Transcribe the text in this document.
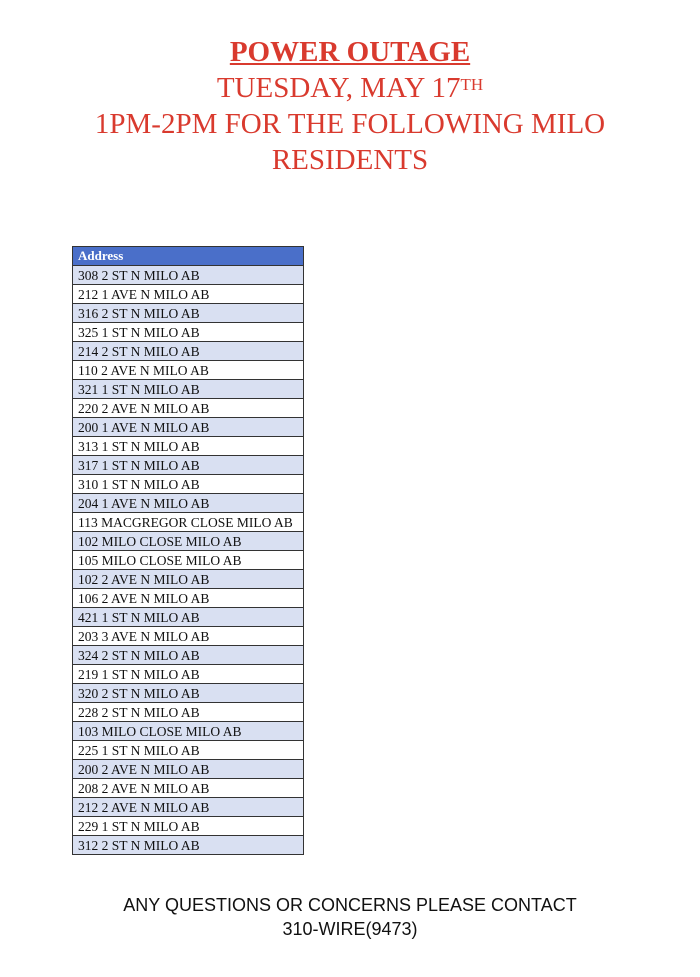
POWER OUTAGE
TUESDAY, MAY 17TH
1PM-2PM FOR THE FOLLOWING MILO
RESIDENTS
Address
308 2 ST N MILO AB
212 1 AVE N MILO AB
316 2 ST N MILO AB
325 1 ST N MILO AB
214 2 ST N MILO AB
110 2 AVE N MILO AB
321 1 ST N MILO AB
220 2 AVE N MILO AB
200 1 AVE N MILO AB
313 1 ST N MILO AB
317 1 ST N MILO AB
310 1 ST N MILO AB
204 1 AVE N MILO AB
113 MACGREGOR CLOSE MILO AB
102 MILO CLOSE MILO AB
105 MILO CLOSE MILO AB
102 2 AVE N MILO AB
106 2 AVE N MILO AB
421 1 ST N MILO AB
203 3 AVE N MILO AB
324 2 ST N MILO AB
219 1 ST N MILO AB
320 2 ST N MILO AB
228 2 ST N MILO AB
103 MILO CLOSE MILO AB
225 1 ST N MILO AB
200 2 AVE N MILO AB
208 2 AVE N MILO AB
212 2 AVE N MILO AB
229 1 ST N MILO AB
312 2 ST N MILO AB
ANY QUESTIONS OR CONCERNS PLEASE CONTACT
310-WIRE(9473)
